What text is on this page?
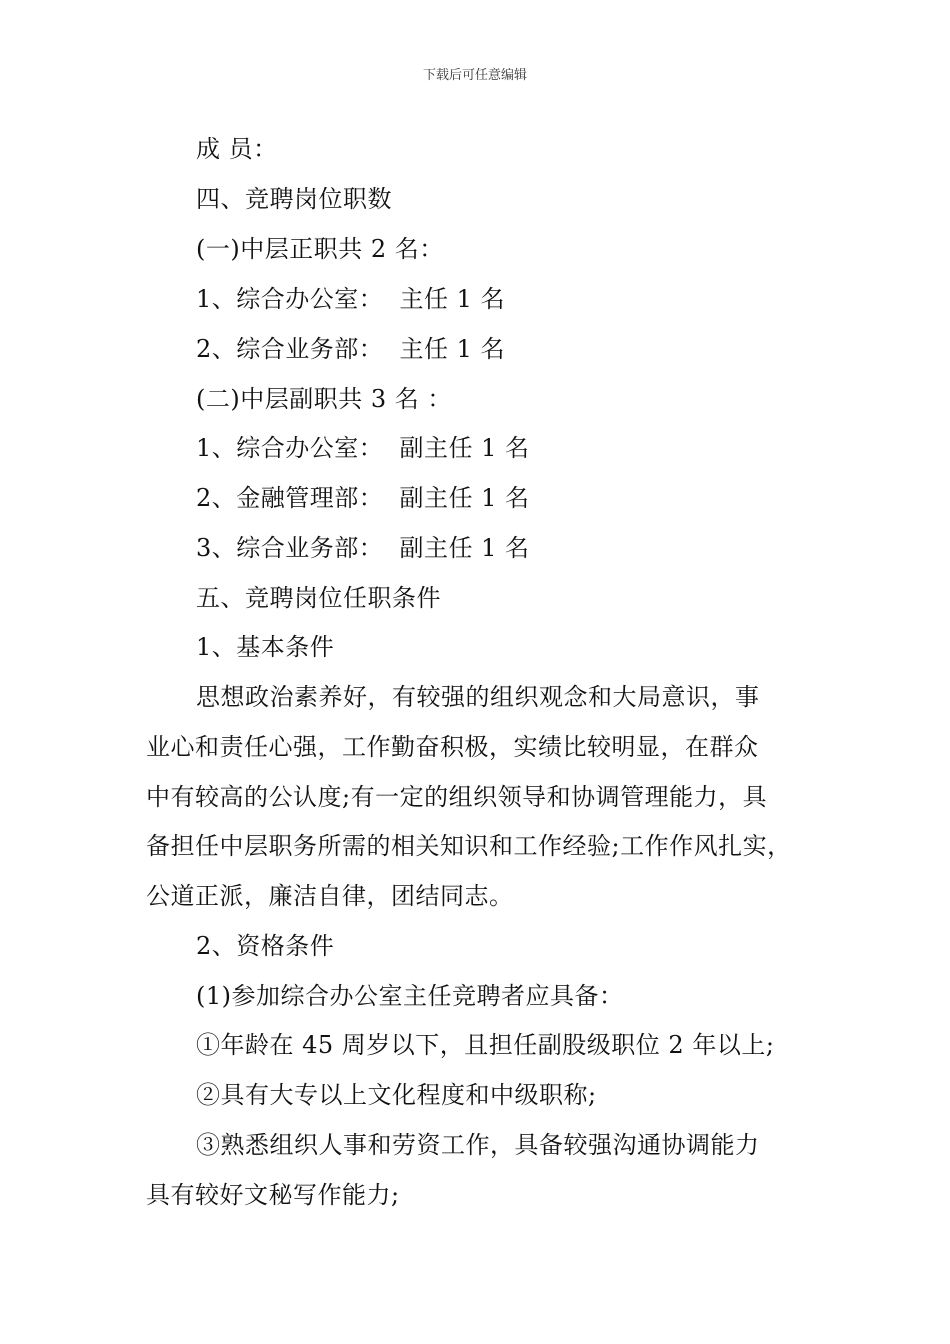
下载后可任意编辑
成 员：
四、竞聘岗位职数
(一)中层正职共 2 名：
1、综合办公室：  主任 1 名
2、综合业务部：  主任 1 名
(二)中层副职共 3 名 ：
1、综合办公室：  副主任 1 名
2、金融管理部：  副主任 1 名
3、综合业务部：  副主任 1 名
五、竞聘岗位任职条件
1、基本条件
思想政治素养好，有较强的组织观念和大局意识，事
业心和责任心强，工作勤奋积极，实绩比较明显，在群众
中有较高的公认度;有一定的组织领导和协调管理能力，具
备担任中层职务所需的相关知识和工作经验;工作作风扎实，
公道正派，廉洁自律，团结同志。
2、资格条件
(1)参加综合办公室主任竞聘者应具备：
①年龄在 45 周岁以下，且担任副股级职位 2 年以上;
②具有大专以上文化程度和中级职称;
③熟悉组织人事和劳资工作，具备较强沟通协调能力
具有较好文秘写作能力;
